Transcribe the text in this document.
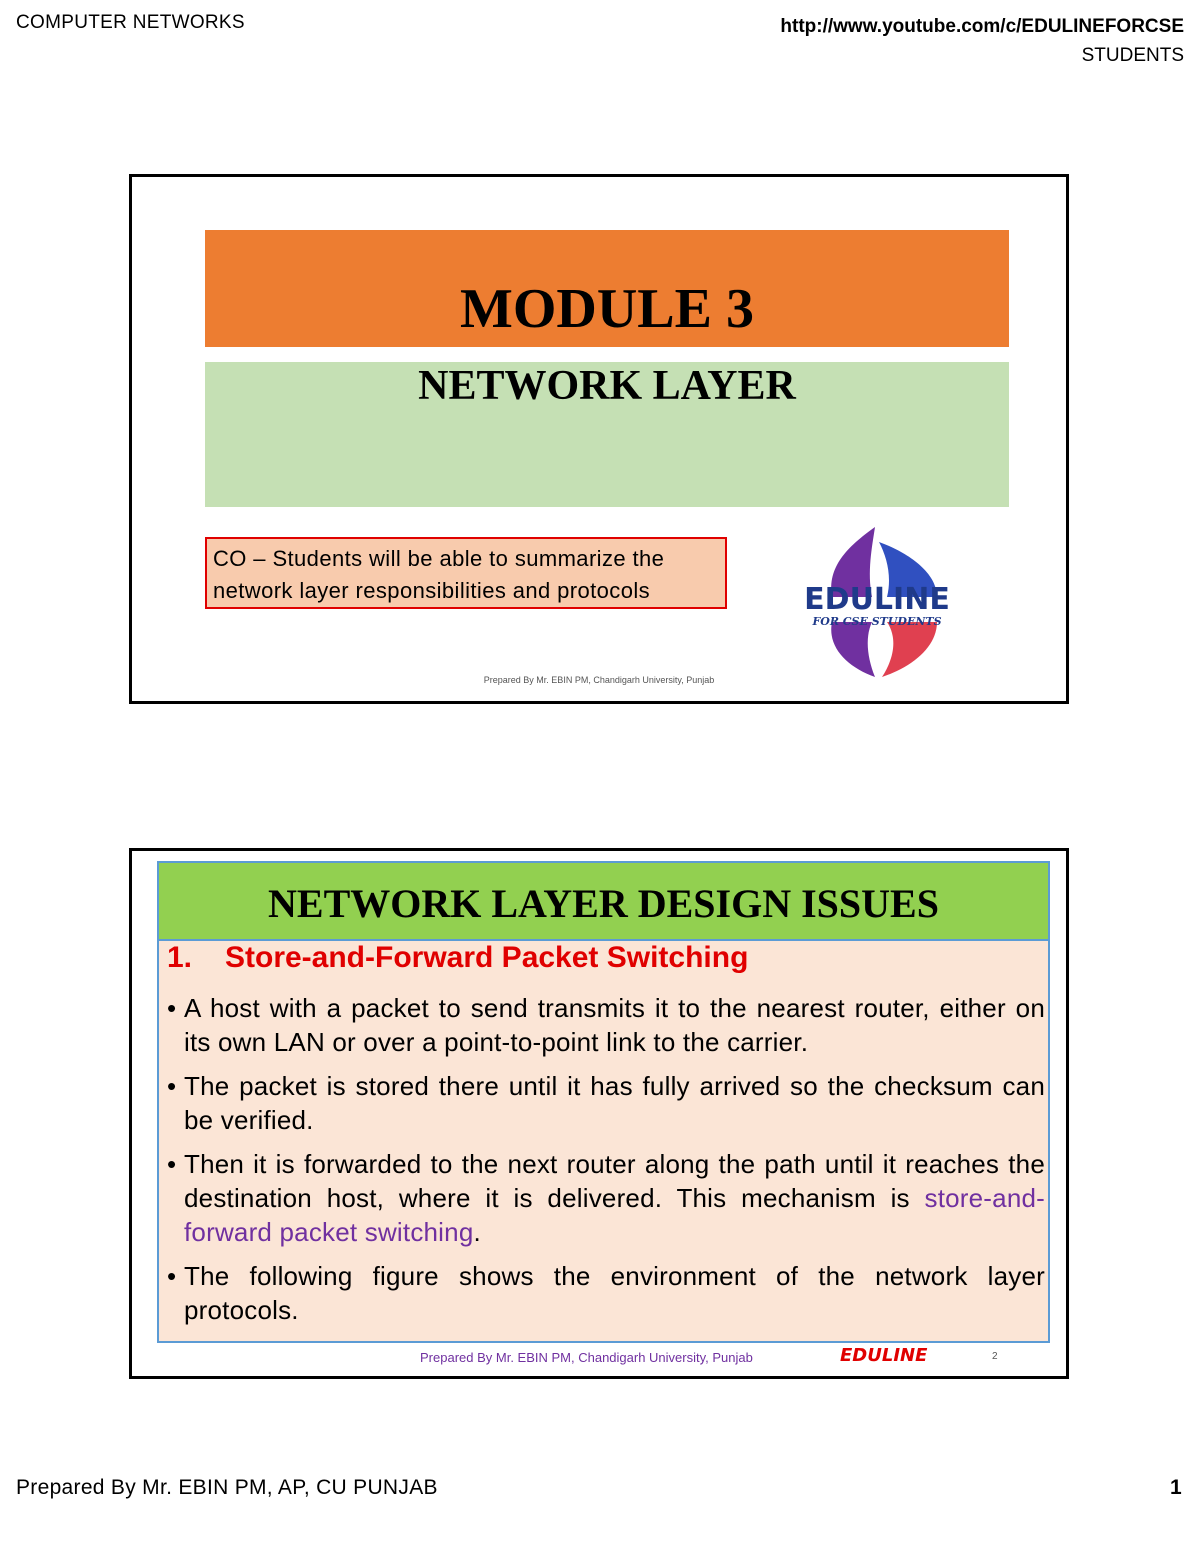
COMPUTER NETWORKS	http://www.youtube.com/c/EDULINEFORCSE
STUDENTS
MODULE 3
NETWORK LAYER
CO – Students will be able to summarize the
network layer responsibilities and protocols	EDULINE
FOR CSE STUDENTS
Prepared By Mr. EBIN PM, Chandigarh University, Punjab
NETWORK LAYER DESIGN ISSUES
1. Store-and-Forward Packet Switching
• A host with a packet to send transmits it to the nearest router, either on its own LAN or over a point-to-point link to the carrier.
• The packet is stored there until it has fully arrived so the checksum can be verified.
• Then it is forwarded to the next router along the path until it reaches the destination host, where it is delivered. This mechanism is store-and-forward packet switching.
• The following figure shows the environment of the network layer protocols.
Prepared By Mr. EBIN PM, Chandigarh University, Punjab	EDULINE	2
Prepared By Mr. EBIN PM, AP, CU PUNJAB	1
